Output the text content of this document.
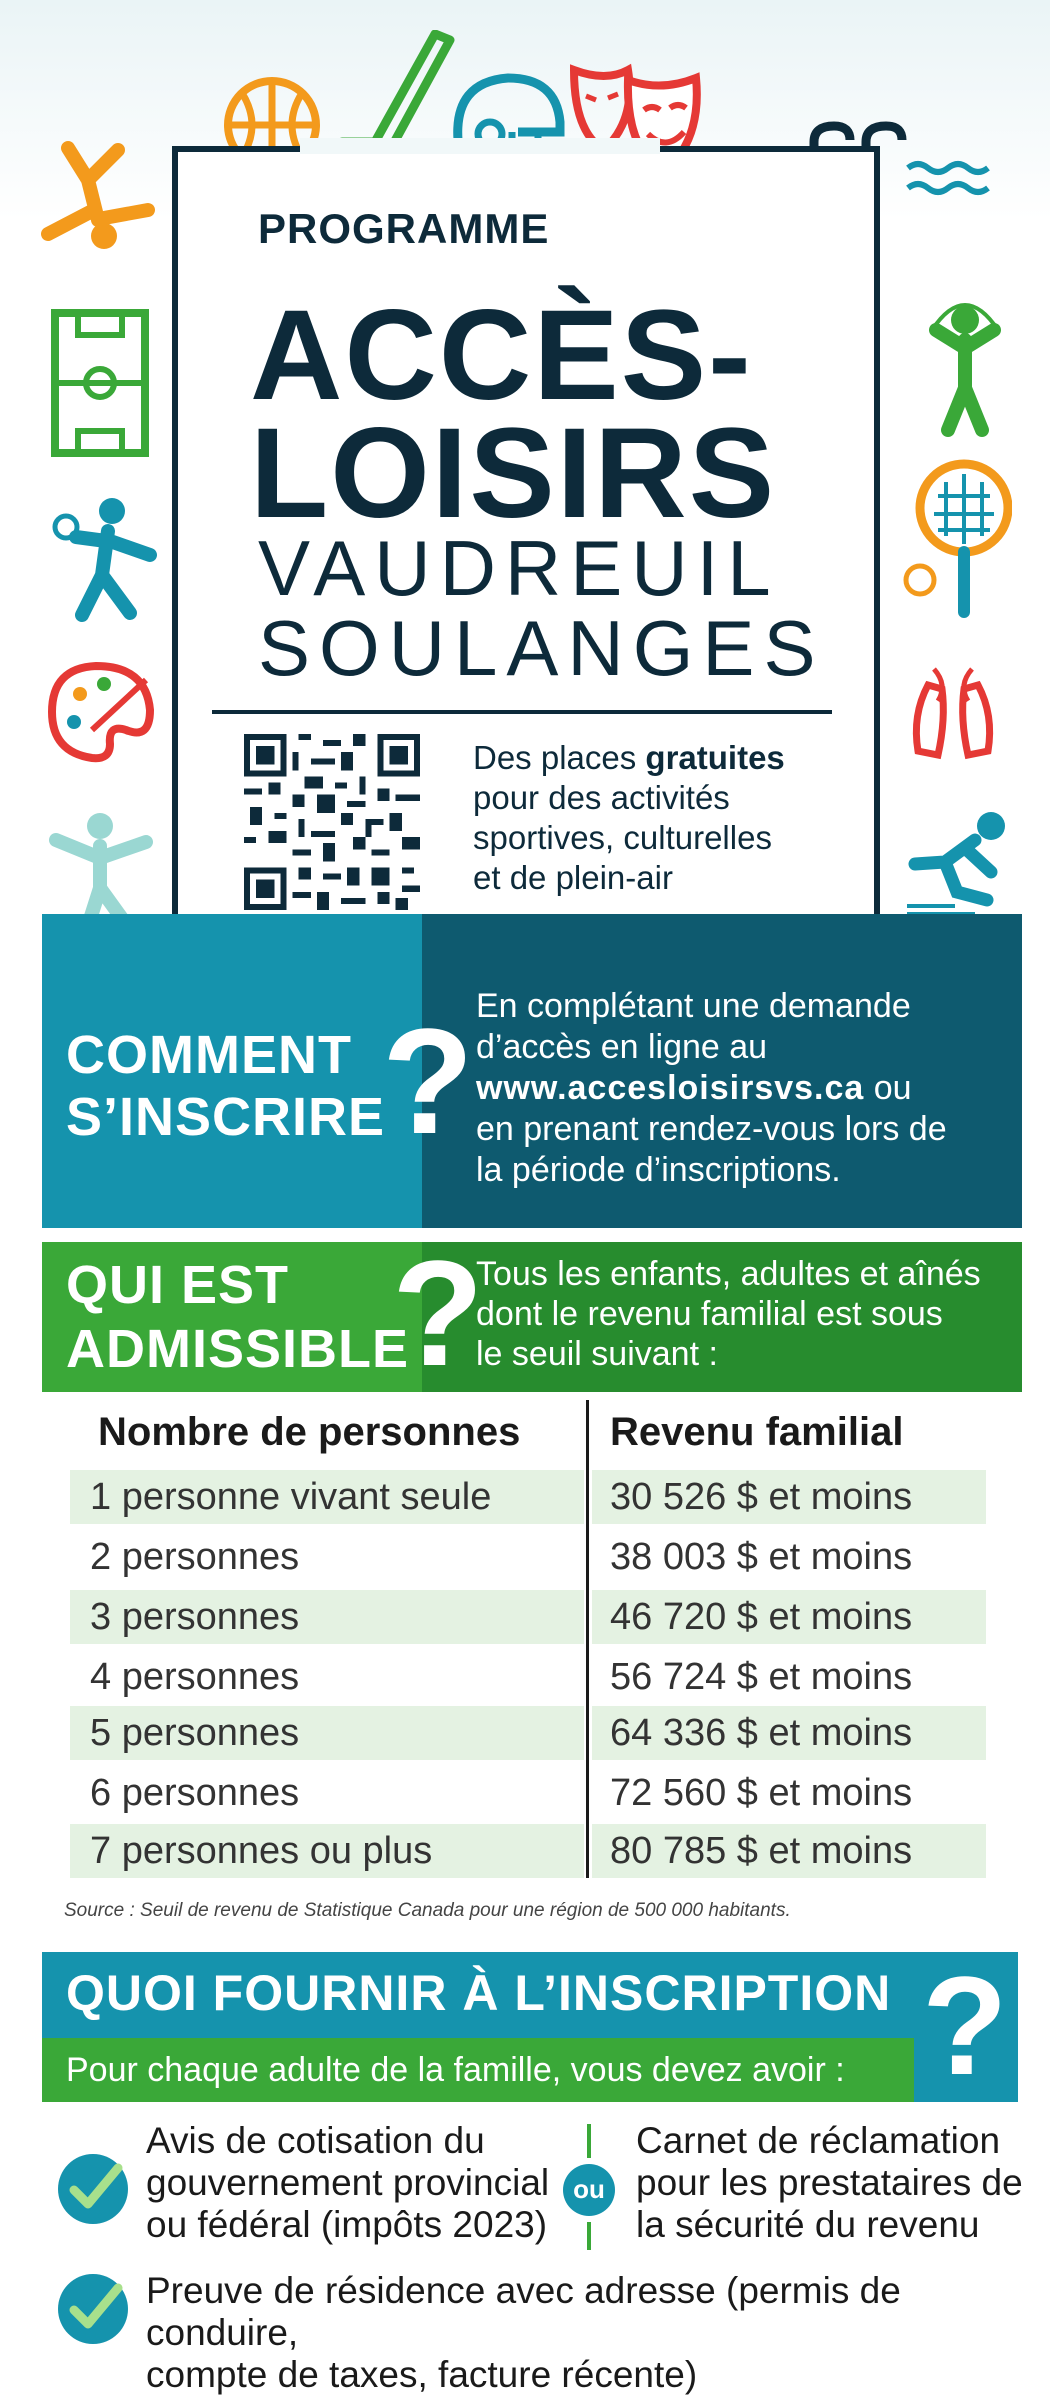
PROGRAMME
ACCÈS-
LOISIRS
VAUDREUIL
SOULANGES
Des places gratuites
pour des activités
sportives, culturelles
et de plein-air
COMMENT
S’INSCRIRE
? En complétant une demande
d’accès en ligne au
www.accesloisirsvs.ca ou
en prenant rendez-vous lors de
la période d’inscriptions.
QUI EST
ADMISSIBLE
?
Tous les enfants, adultes et aînés
dont le revenu familial est sous
le seuil suivant :
Nombre de personnes Revenu familial
1 personne vivant seule	30 526 $ et moins
2 personnes	38 003 $ et moins
3 personnes	46 720 $ et moins
4 personnes	56 724 $ et moins
5 personnes	64 336 $ et moins
6 personnes	72 560 $ et moins
7 personnes ou plus	80 785 $ et moins
Source : Seuil de revenu de Statistique Canada pour une région de 500 000 habitants.
QUOI FOURNIR À L’INSCRIPTION
Pour chaque adulte de la famille, vous devez avoir : ?
Avis de cotisation du
gouvernement provincial
ou fédéral (impôts 2023)
ou
Carnet de réclamation
pour les prestataires de
la sécurité du revenu
Preuve de résidence avec adresse (permis de conduire,
compte de taxes, facture récente)
